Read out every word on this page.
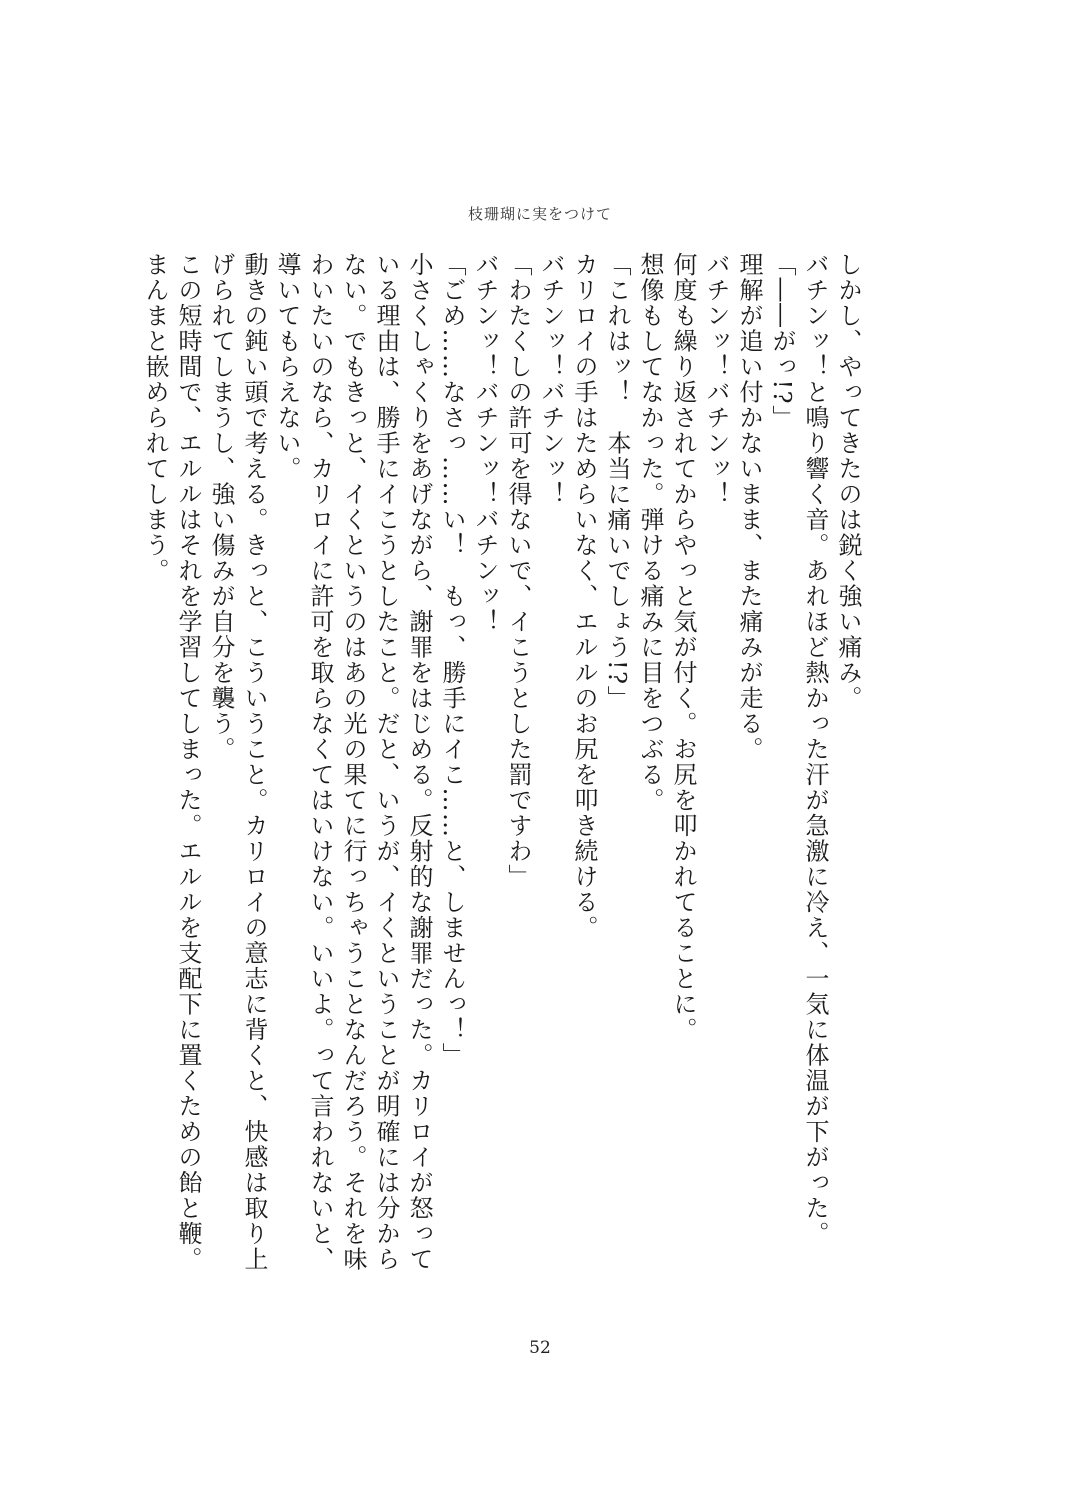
枝珊瑚に実をつけて

しかし、やってきたのは鋭く強い痛み。

バチンッ！と鳴り響く音。あれほど熱かった汗が急激に冷え、一気に体温が下がった。

「――がっ!?」

理解が追い付かないまま、また痛みが走る。

バチンッ！バチンッ！

何度も繰り返されてからやっと気が付く。お尻を叩かれてることに。

想像もしてなかった。弾ける痛みに目をつぶる。

「これはッ！　本当に痛いでしょう!?」

カリロイの手はためらいなく、エルルのお尻を叩き続ける。

バチンッ！バチンッ！

「わたくしの許可を得ないで、イこうとした罰ですわ」

バチンッ！バチンッ！バチンッ！

「ごめ……なさっ……い！　もっ、勝手にイこ……と、しませんっ！」

小さくしゃくりをあげながら、謝罪をはじめる。反射的な謝罪だった。カリロイが怒っている理由は、勝手にイこうとしたこと。だと、いうが、イくということが明確には分からない。でもきっと、イくというのはあの光の果てに行っちゃうことなんだろう。それを味わいたいのなら、カリロイに許可を取らなくてはいけない。いいよ。って言われないと、導いてもらえない。

動きの鈍い頭で考える。きっと、こういうこと。カリロイの意志に背くと、快感は取り上げられてしまうし、強い傷みが自分を襲う。

この短時間で、エルルはそれを学習してしまった。エルルを支配下に置くための飴と鞭。まんまと嵌められてしまう。

52
